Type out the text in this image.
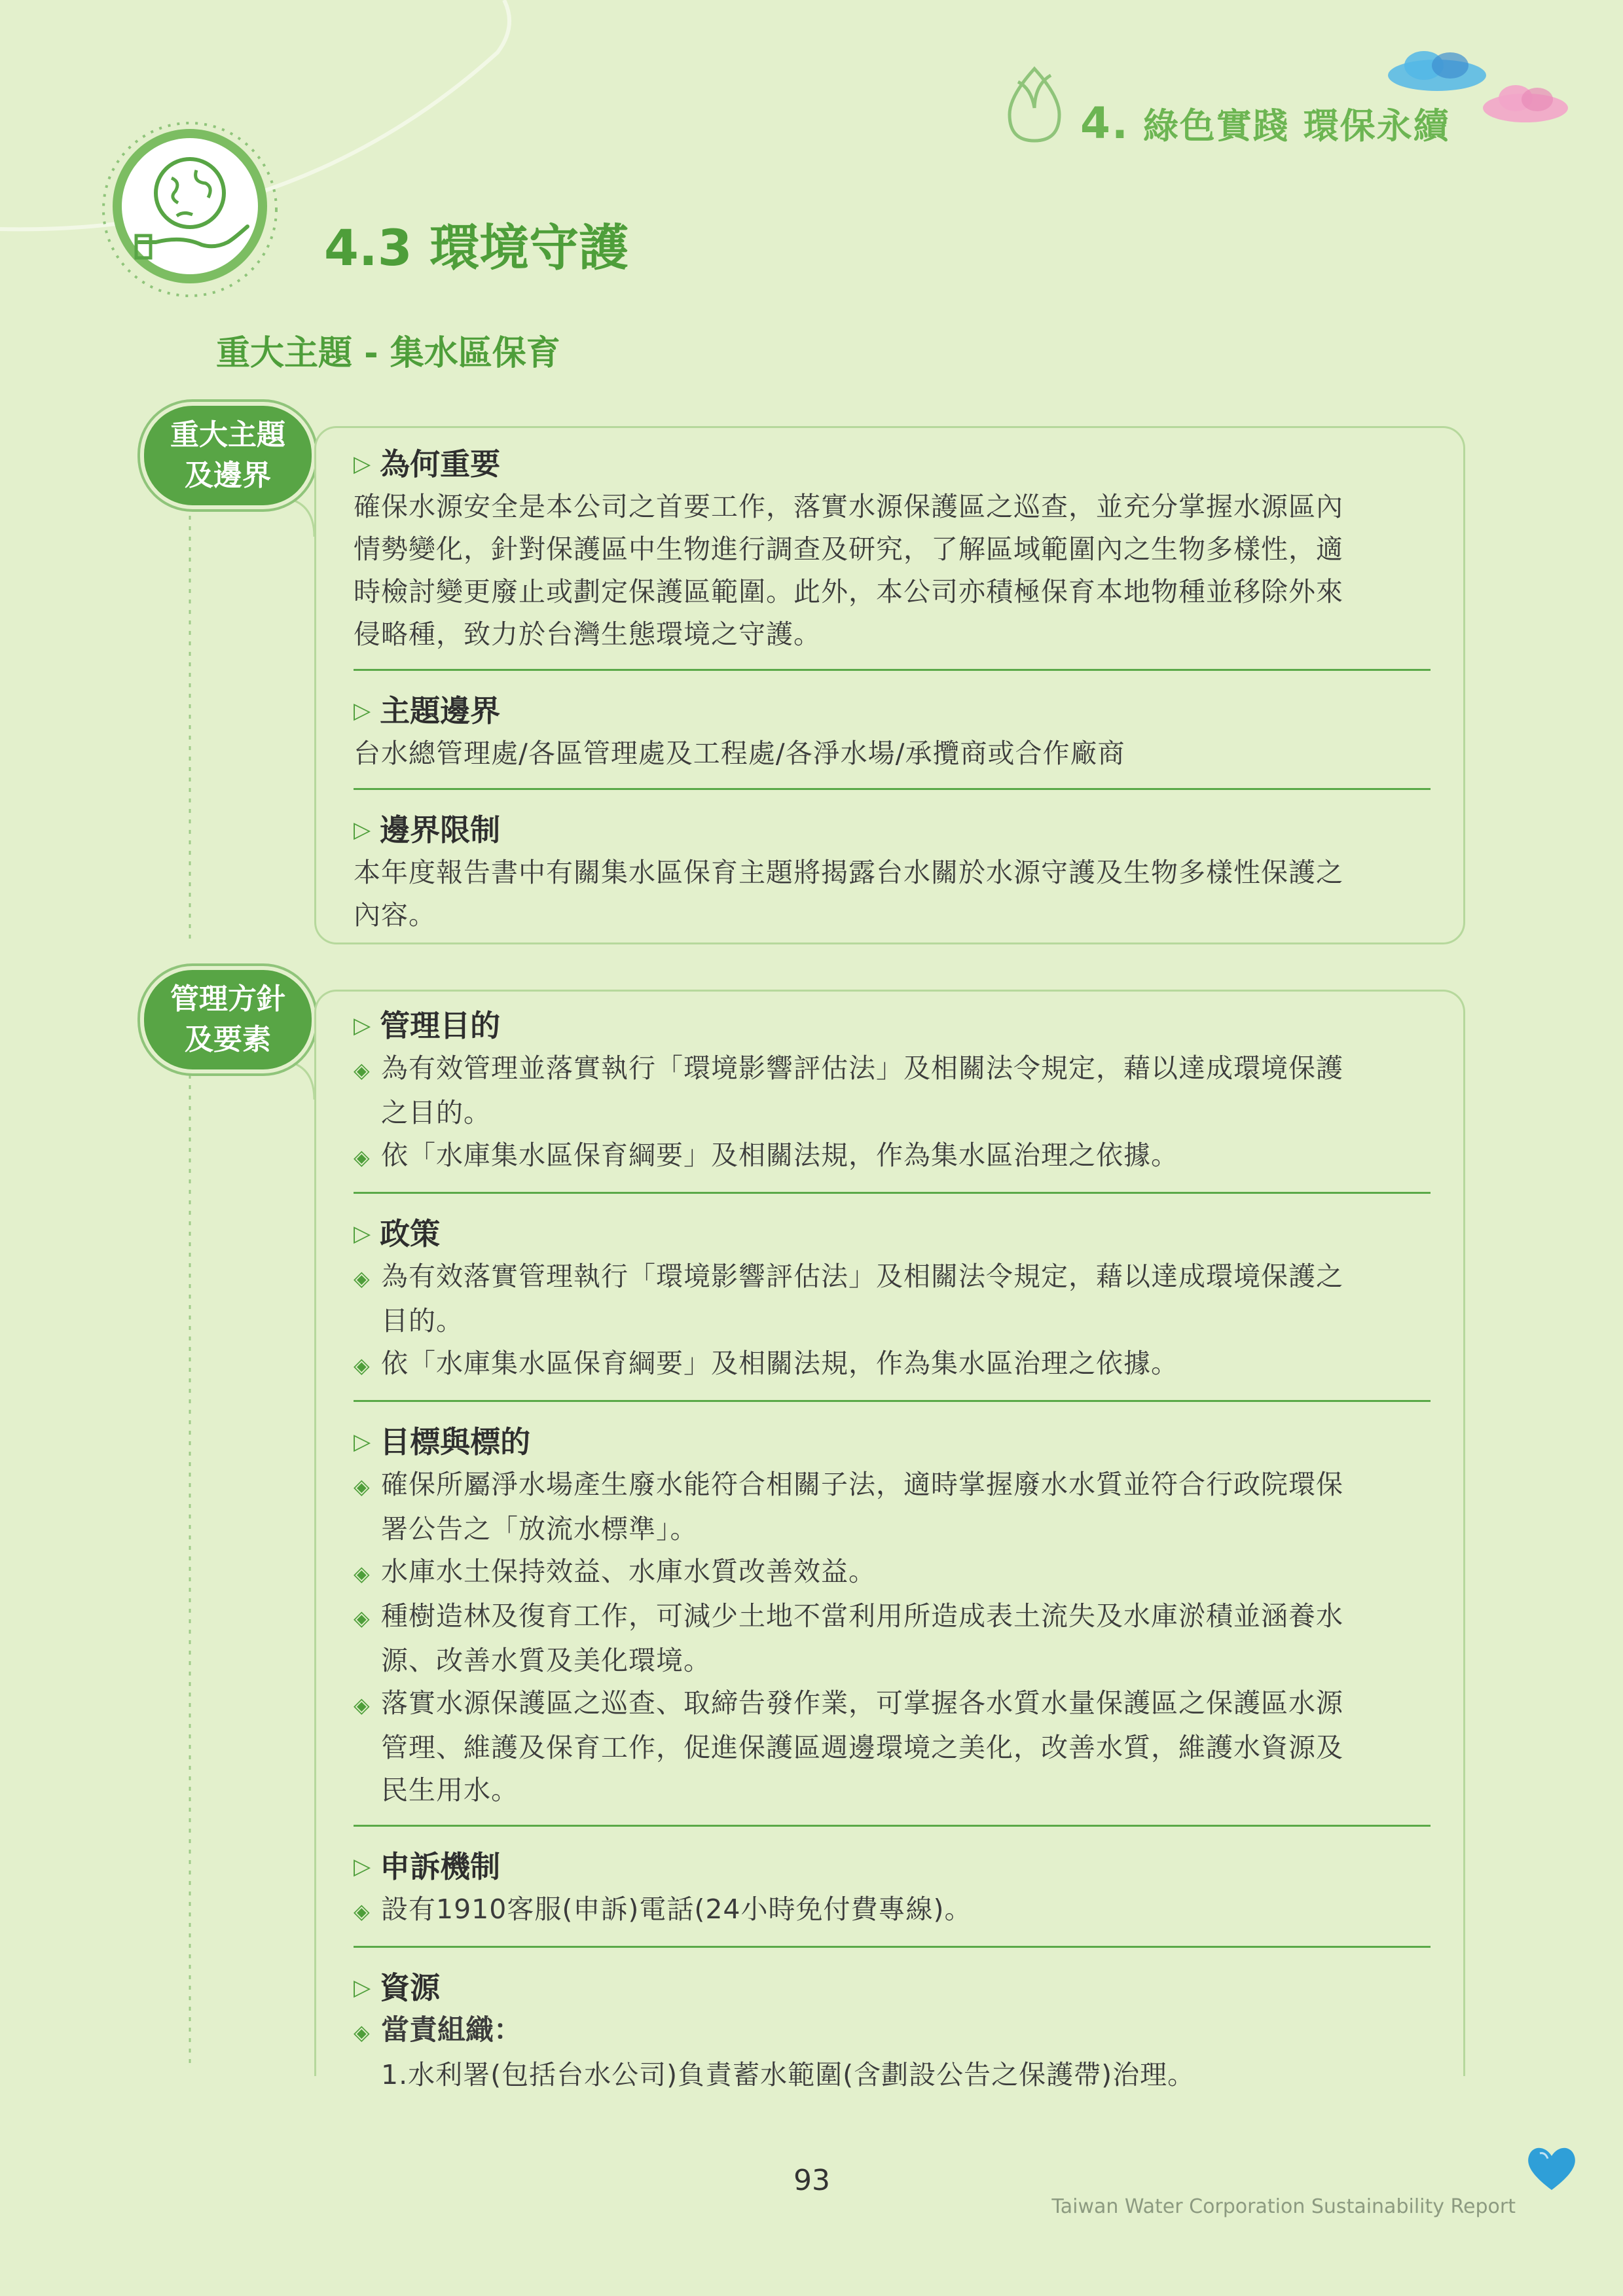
4. 綠色實踐 環保永續
4.3 環境守護
重大主題 - 集水區保育
重大主題
及邊界
管理方針
及要素
▷ 為何重要

確保水源安全是本公司之首要工作，落實水源保護區之巡查，並充分掌握水源區內

情勢變化，針對保護區中生物進行調查及研究，了解區域範圍內之生物多樣性，適

時檢討變更廢止或劃定保護區範圍。此外，本公司亦積極保育本地物種並移除外來

侵略種，致力於台灣生態環境之守護。

▷ 主題邊界

台水總管理處/各區管理處及工程處/各淨水場/承攬商或合作廠商

▷ 邊界限制

本年度報告書中有關集水區保育主題將揭露台水關於水源守護及生物多樣性保護之

內容。

▷ 管理目的
◈ 為有效管理並落實執行「環境影響評估法」及相關法令規定，藉以達成環境保護
之目的。
◈ 依「水庫集水區保育綱要」及相關法規，作為集水區治理之依據。
▷ 政策
◈ 為有效落實管理執行「環境影響評估法」及相關法令規定，藉以達成環境保護之
目的。
◈ 依「水庫集水區保育綱要」及相關法規，作為集水區治理之依據。
▷ 目標與標的
◈ 確保所屬淨水場產生廢水能符合相關子法，適時掌握廢水水質並符合行政院環保
署公告之「放流水標準」。
◈ 水庫水土保持效益、水庫水質改善效益。
◈ 種樹造林及復育工作，可減少土地不當利用所造成表土流失及水庫淤積並涵養水
源、改善水質及美化環境。
◈ 落實水源保護區之巡查、取締告發作業，可掌握各水質水量保護區之保護區水源
管理、維護及保育工作，促進保護區週邊環境之美化，改善水質，維護水資源及
民生用水。
▷ 申訴機制
◈ 設有1910客服(申訴)電話(24小時免付費專線)。
▷ 資源
◈ 當責組織：
1.水利署(包括台水公司)負責蓄水範圍(含劃設公告之保護帶)治理。
93
Taiwan Water Corporation Sustainability Report
